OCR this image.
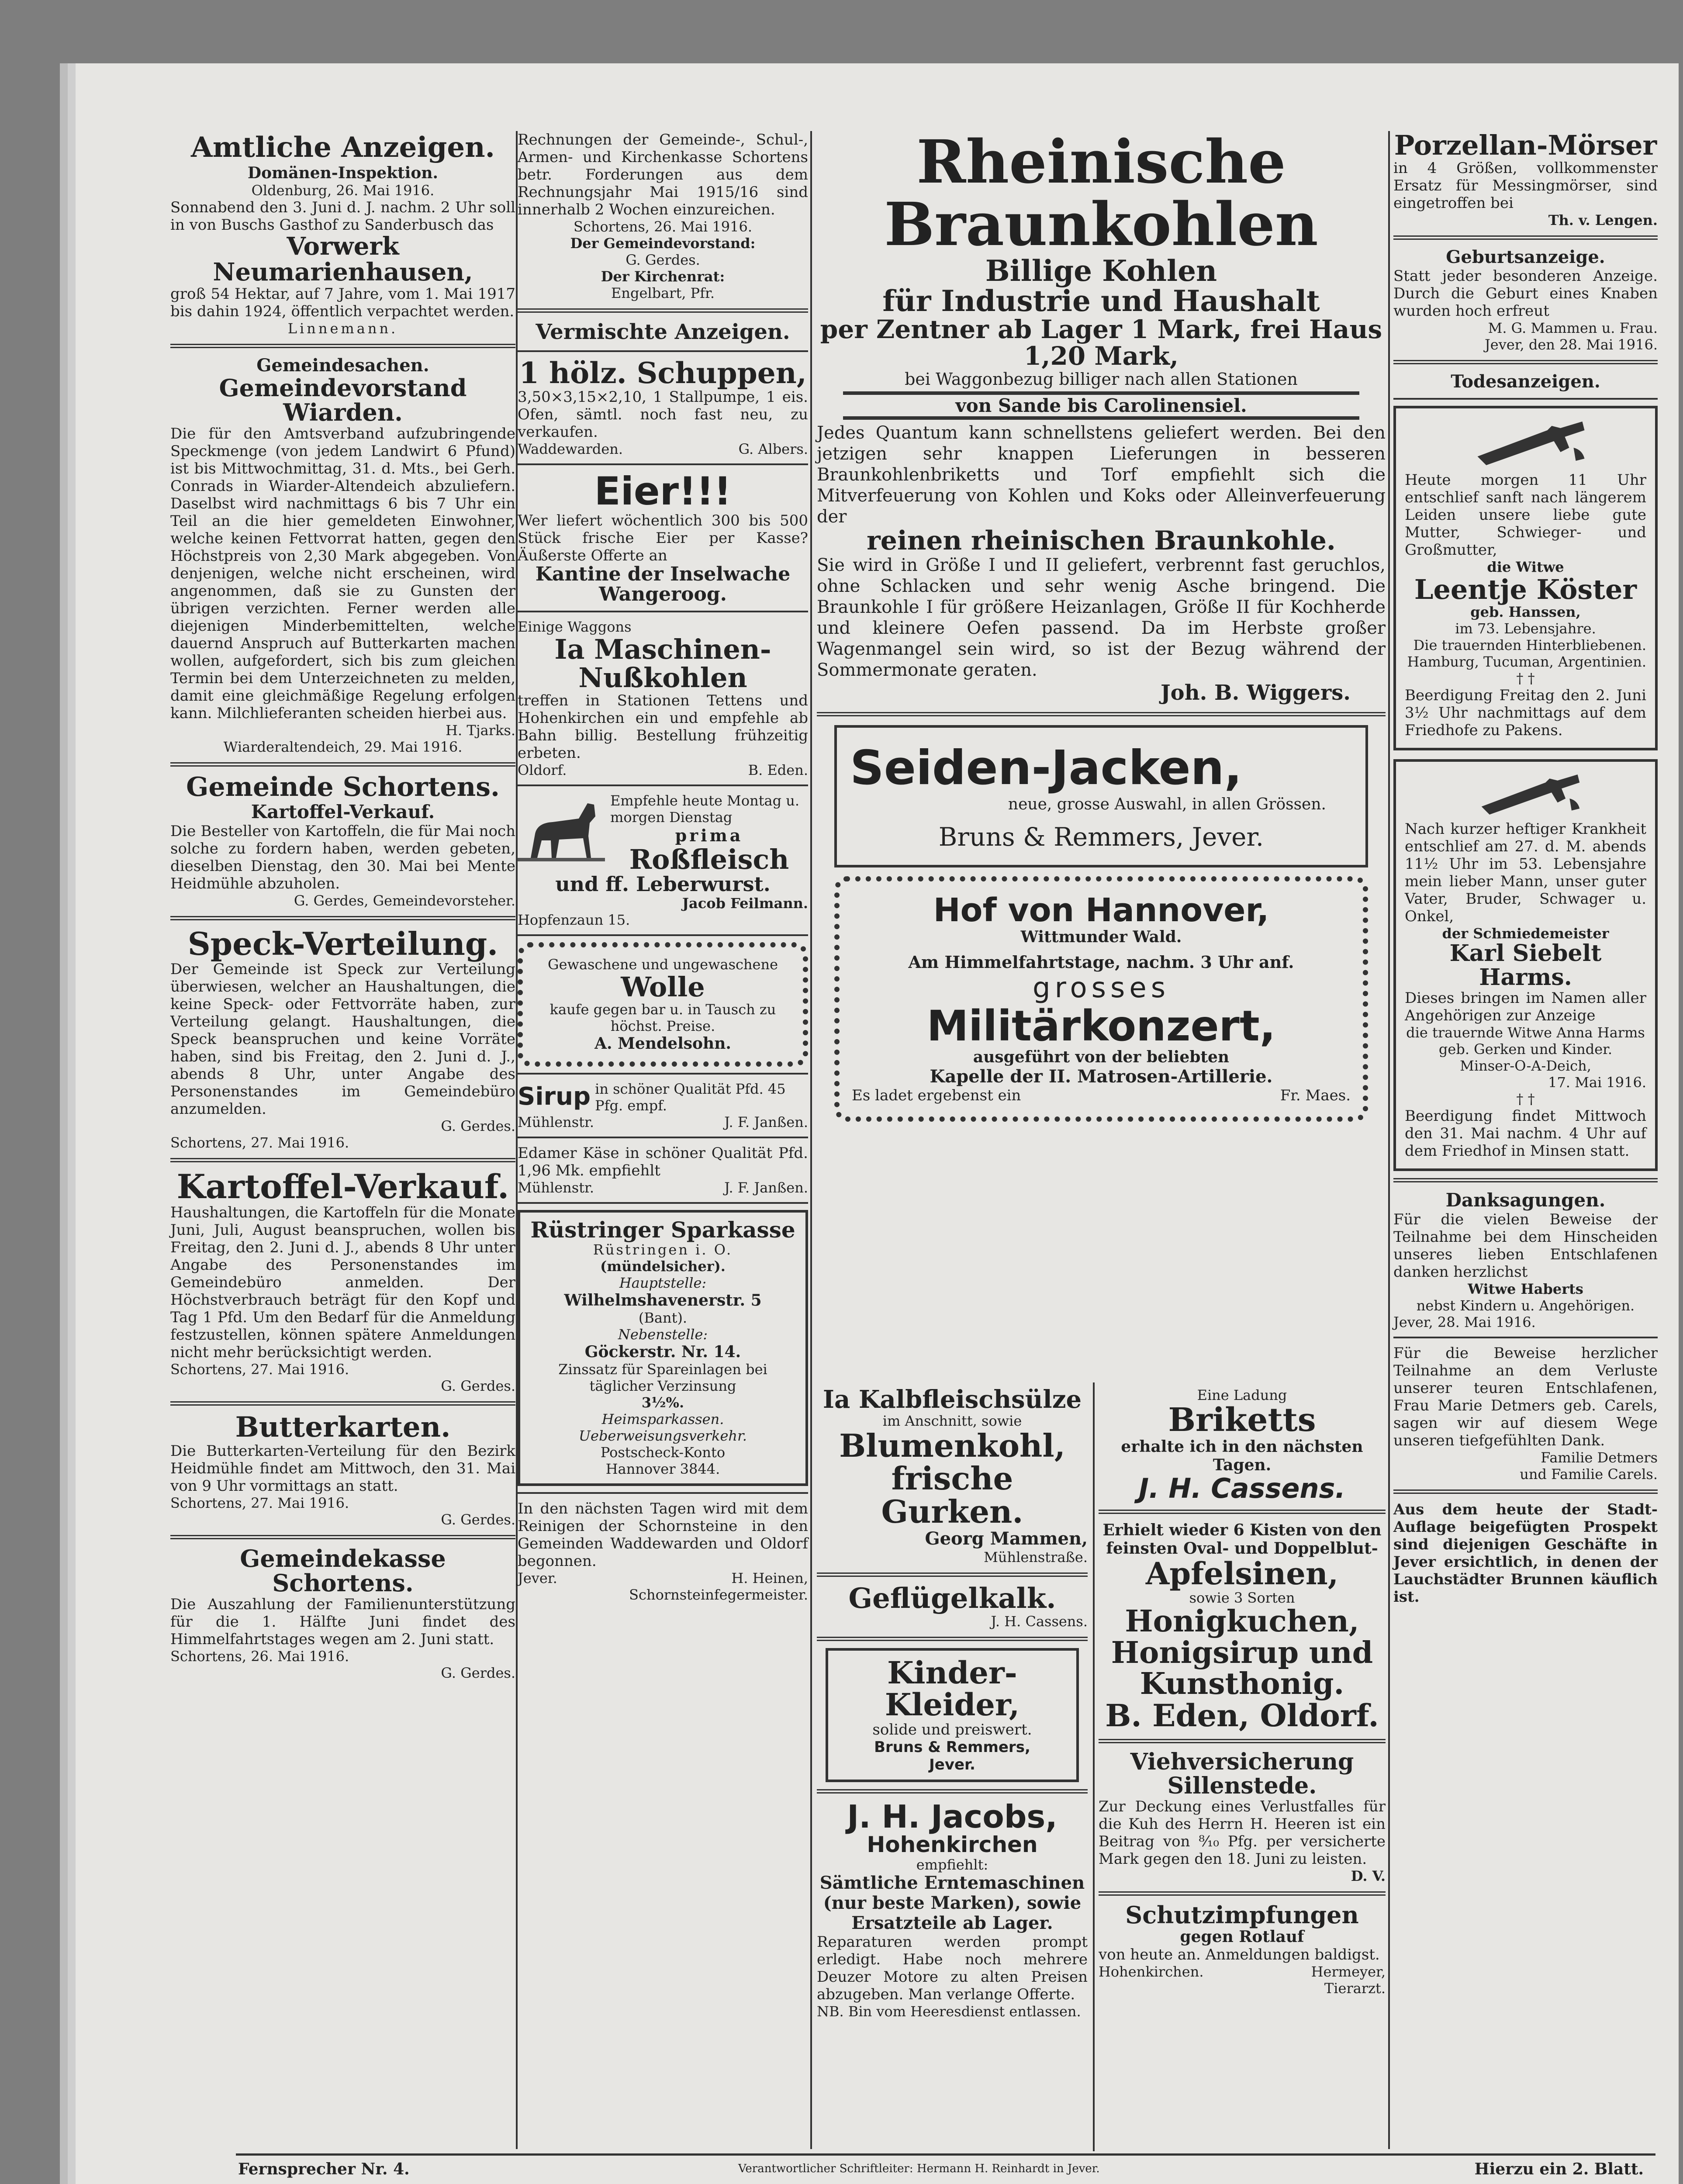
Amtliche Anzeigen.
Domänen-Inspektion.
Oldenburg, 26. Mai 1916.
Sonnabend den 3. Juni d. J. nachm. 2 Uhr soll in von Buschs Gasthof zu Sanderbusch das
Vorwerk Neumarienhausen,
groß 54 Hektar, auf 7 Jahre, vom 1. Mai 1917 bis dahin 1924, öffentlich verpachtet werden.
Linnemann.
Gemeindesachen.
Gemeindevorstand Wiarden.
Die für den Amtsverband aufzubringende Speckmenge (von jedem Landwirt 6 Pfund) ist bis Mittwochmittag, 31. d. Mts., bei Gerh. Conrads in Wiarder-Altendeich abzuliefern. Daselbst wird nachmittags 6 bis 7 Uhr ein Teil an die hier gemeldeten Einwohner, welche keinen Fettvorrat hatten, gegen den Höchstpreis von 2,30 Mark abgegeben. Von denjenigen, welche nicht erscheinen, wird angenommen, daß sie zu Gunsten der übrigen verzichten. Ferner werden alle diejenigen Minderbemittelten, welche dauernd Anspruch auf Butterkarten machen wollen, aufgefordert, sich bis zum gleichen Termin bei dem Unterzeichneten zu melden, damit eine gleichmäßige Regelung erfolgen kann. Milchlieferanten scheiden hierbei aus.
H. Tjarks.
Wiarderaltendeich, 29. Mai 1916.
Gemeinde Schortens.
Kartoffel-Verkauf.
Die Besteller von Kartoffeln, die für Mai noch solche zu fordern haben, werden gebeten, dieselben Dienstag, den 30. Mai bei Mente Heidmühle abzuholen.
G. Gerdes, Gemeindevorsteher.
Speck-Verteilung.
Der Gemeinde ist Speck zur Verteilung überwiesen, welcher an Haushaltungen, die keine Speck- oder Fettvorräte haben, zur Verteilung gelangt. Haushaltungen, die Speck beanspruchen und keine Vorräte haben, sind bis Freitag, den 2. Juni d. J., abends 8 Uhr, unter Angabe des Personenstandes im Gemeindebüro anzumelden.
G. Gerdes.
Schortens, 27. Mai 1916.
Kartoffel-Verkauf.
Haushaltungen, die Kartoffeln für die Monate Juni, Juli, August beanspruchen, wollen bis Freitag, den 2. Juni d. J., abends 8 Uhr unter Angabe des Personenstandes im Gemeindebüro anmelden. Der Höchstverbrauch beträgt für den Kopf und Tag 1 Pfd. Um den Bedarf für die Anmeldung festzustellen, können spätere Anmeldungen nicht mehr berücksichtigt werden.
Schortens, 27. Mai 1916.
G. Gerdes.
Butterkarten.
Die Butterkarten-Verteilung für den Bezirk Heidmühle findet am Mittwoch, den 31. Mai von 9 Uhr vormittags an statt.
Schortens, 27. Mai 1916.
G. Gerdes.
Gemeindekasse Schortens.
Die Auszahlung der Familienunterstützung für die 1. Hälfte Juni findet des Himmelfahrtstages wegen am 2. Juni statt.
Schortens, 26. Mai 1916.
G. Gerdes.
Rechnungen der Gemeinde-, Schul-, Armen- und Kirchenkasse Schortens betr. Forderungen aus dem Rechnungsjahr Mai 1915/16 sind innerhalb 2 Wochen einzureichen.
Schortens, 26. Mai 1916.
Der Gemeindevorstand:
G. Gerdes.
Der Kirchenrat:
Engelbart, Pfr.
Vermischte Anzeigen.
1 hölz. Schuppen,
3,50×3,15×2,10, 1 Stallpumpe, 1 eis. Ofen, sämtl. noch fast neu, zu verkaufen.
Waddewarden.	G. Albers.
Eier!!!
Wer liefert wöchentlich 300 bis 500 Stück frische Eier per Kasse? Äußerste Offerte an
Kantine der Inselwache Wangeroog.
Einige Waggons
Ia Maschinen-Nußkohlen
treffen in Stationen Tettens und Hohenkirchen ein und empfehle ab Bahn billig. Bestellung frühzeitig erbeten.
Oldorf.	B. Eden.
Empfehle heute Montag u. morgen Dienstag
prima
Roßfleisch
und ff. Leberwurst.
Jacob Feilmann.
Hopfenzaun 15.
Gewaschene und ungewaschene
Wolle
kaufe gegen bar u. in Tausch zu höchst. Preise.
A. Mendelsohn.
Sirup in schöner Qualität Pfd. 45 Pfg. empf.
Mühlenstr.	J. F. Janßen.
Edamer Käse in schöner Qualität Pfd. 1,96 Mk. empfiehlt
Mühlenstr.	J. F. Janßen.
Rüstringer Sparkasse
Rüstringen i. O.
(mündelsicher).
Hauptstelle:
Wilhelmshavenerstr. 5
(Bant).
Nebenstelle:
Göckerstr. Nr. 14.
Zinssatz für Spareinlagen bei täglicher Verzinsung
3½%.
Heimsparkassen.
Ueberweisungsverkehr.
Postscheck-Konto
Hannover 3844.
In den nächsten Tagen wird mit dem Reinigen der Schornsteine in den Gemeinden Waddewarden und Oldorf begonnen.
Jever.	H. Heinen,
Schornsteinfegermeister.
Rheinische Braunkohlen
Billige Kohlen
für Industrie und Haushalt
per Zentner ab Lager 1 Mark, frei Haus 1,20 Mark,
bei Waggonbezug billiger nach allen Stationen
von Sande bis Carolinensiel.
Jedes Quantum kann schnellstens geliefert werden. Bei den jetzigen sehr knappen Lieferungen in besseren Braunkohlenbriketts und Torf empfiehlt sich die Mitverfeuerung von Kohlen und Koks oder Alleinverfeuerung der
reinen rheinischen Braunkohle.
Sie wird in Größe I und II geliefert, verbrennt fast geruchlos, ohne Schlacken und sehr wenig Asche bringend. Die Braunkohle I für größere Heizanlagen, Größe II für Kochherde und kleinere Oefen passend. Da im Herbste großer Wagenmangel sein wird, so ist der Bezug während der Sommermonate geraten.
Joh. B. Wiggers.
Seiden-Jacken,
neue, grosse Auswahl, in allen Grössen.
Bruns & Remmers, Jever.
Hof von Hannover,
Wittmunder Wald.
Am Himmelfahrtstage, nachm. 3 Uhr anf.
grosses
Militärkonzert,
ausgeführt von der beliebten
Kapelle der II. Matrosen-Artillerie.
Es ladet ergebenst ein	Fr. Maes.
Ia Kalbfleischsülze
im Anschnitt, sowie
Blumenkohl,
frische Gurken.
Georg Mammen,
Mühlenstraße.
Geflügelkalk.
J. H. Cassens.
Kinder-Kleider,
solide und preiswert.
Bruns & Remmers,
Jever.
J. H. Jacobs,
Hohenkirchen
empfiehlt:
Sämtliche Erntemaschinen (nur beste Marken), sowie Ersatzteile ab Lager.
Reparaturen werden prompt erledigt. Habe noch mehrere Deuzer Motore zu alten Preisen abzugeben. Man verlange Offerte.
NB. Bin vom Heeresdienst entlassen.
Eine Ladung
Briketts
erhalte ich in den nächsten Tagen.
J. H. Cassens.
Erhielt wieder 6 Kisten von den feinsten Oval- und Doppelblut-
Apfelsinen,
sowie 3 Sorten
Honigkuchen,
Honigsirup und
Kunsthonig.
B. Eden, Oldorf.
Viehversicherung Sillenstede.
Zur Deckung eines Verlustfalles für die Kuh des Herrn H. Heeren ist ein Beitrag von ⁸⁄₁₀ Pfg. per versicherte Mark gegen den 18. Juni zu leisten.
D. V.
Schutzimpfungen
gegen Rotlauf
von heute an. Anmeldungen baldigst.
Hohenkirchen.	Hermeyer,
Tierarzt.
Porzellan-Mörser
in 4 Größen, vollkommenster Ersatz für Messingmörser, sind eingetroffen bei
Th. v. Lengen.
Geburtsanzeige.
Statt jeder besonderen Anzeige. Durch die Geburt eines Knaben wurden hoch erfreut
M. G. Mammen u. Frau.
Jever, den 28. Mai 1916.
Todesanzeigen.
Heute morgen 11 Uhr entschlief sanft nach längerem Leiden unsere liebe gute Mutter, Schwieger- und Großmutter,
die Witwe
Leentje Köster
geb. Hanssen,
im 73. Lebensjahre.
Die trauernden Hinterbliebenen.
Hamburg, Tucuman, Argentinien.
† †
Beerdigung Freitag den 2. Juni 3½ Uhr nachmittags auf dem Friedhofe zu Pakens.
Nach kurzer heftiger Krankheit entschlief am 27. d. M. abends 11½ Uhr im 53. Lebensjahre mein lieber Mann, unser guter Vater, Bruder, Schwager u. Onkel,
der Schmiedemeister
Karl Siebelt Harms.
Dieses bringen im Namen aller Angehörigen zur Anzeige
die trauernde Witwe Anna Harms geb. Gerken und Kinder.
Minser-O-A-Deich,
17. Mai 1916.
† †
Beerdigung findet Mittwoch den 31. Mai nachm. 4 Uhr auf dem Friedhof in Minsen statt.
Danksagungen.
Für die vielen Beweise der Teilnahme bei dem Hinscheiden unseres lieben Entschlafenen danken herzlichst
Witwe Haberts
nebst Kindern u. Angehörigen.
Jever, 28. Mai 1916.
Für die Beweise herzlicher Teilnahme an dem Verluste unserer teuren Entschlafenen, Frau Marie Detmers geb. Carels, sagen wir auf diesem Wege unseren tiefgefühlten Dank.
Familie Detmers
und Familie Carels.
Aus dem heute der Stadt-Auflage beigefügten Prospekt sind diejenigen Geschäfte in Jever ersichtlich, in denen der Lauchstädter Brunnen käuflich ist.
Fernsprecher Nr. 4.	Verantwortlicher Schriftleiter: Hermann H. Reinhardt in Jever.	Hierzu ein 2. Blatt.
